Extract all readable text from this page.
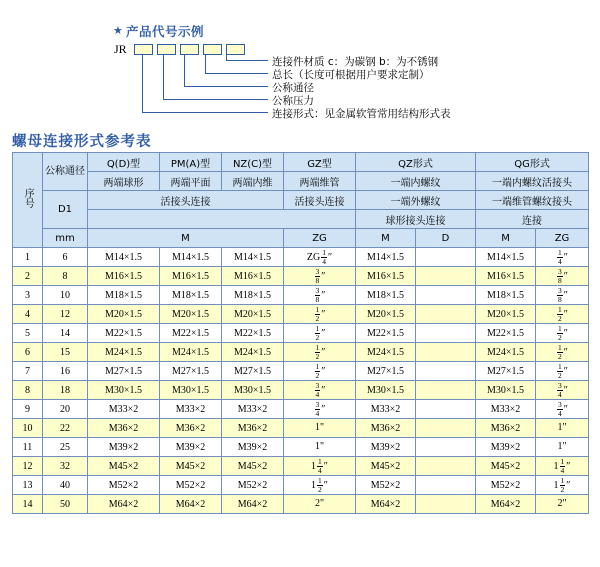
★ 产品代号示例
JR
连接件材质 c：为碳钢 b：为不锈钢
总长（长度可根据用户要求定制）
公称通径
公称压力
连接形式：见金属软管常用结构形式表
螺母连接形式参考表
序号	公称通径	Q(D)型	PM(A)型	NZ(C)型	GZ型	QZ形式		QG形式	
		两端球形	两端平面	两端内维	两端维管	一端内螺纹		一端内螺纹活接头	
	D1	活接头连接			活接头连接	一端外螺纹		一端维管螺纹接头	
						球形接头连接		连接	
	mm	M			ZG	M	D	M	ZG
1	6	M14×1.5	M14×1.5	M14×1.5	ZG $\frac{1}{4}$ ″	M14×1.5		M14×1.5	$\frac{1}{4}$ ″
2	8	M16×1.5	M16×1.5	M16×1.5	$\frac{3}{8}$ ″	M16×1.5		M16×1.5	$\frac{3}{8}$ ″
3	10	M18×1.5	M18×1.5	M18×1.5	$\frac{3}{8}$ ″	M18×1.5		M18×1.5	$\frac{3}{8}$ ″
4	12	M20×1.5	M20×1.5	M20×1.5	$\frac{1}{2}$ ″	M20×1.5		M20×1.5	$\frac{1}{2}$ ″
5	14	M22×1.5	M22×1.5	M22×1.5	$\frac{1}{2}$ ″	M22×1.5		M22×1.5	$\frac{1}{2}$ ″
6	15	M24×1.5	M24×1.5	M24×1.5	$\frac{1}{2}$ ″	M24×1.5		M24×1.5	$\frac{1}{2}$ ″
7	16	M27×1.5	M27×1.5	M27×1.5	$\frac{1}{2}$ ″	M27×1.5		M27×1.5	$\frac{1}{2}$ ″
8	18	M30×1.5	M30×1.5	M30×1.5	$\frac{3}{4}$ ″	M30×1.5		M30×1.5	$\frac{3}{4}$ ″
9	20	M33×2	M33×2	M33×2	$\frac{3}{4}$ ″	M33×2		M33×2	$\frac{3}{4}$ ″
10	22	M36×2	M36×2	M36×2	1"	M36×2		M36×2	1"
11	25	M39×2	M39×2	M39×2	1"	M39×2		M39×2	1"
12	32	M45×2	M45×2	M45×2	$1 \frac{1}{4}$ ″	M45×2		M45×2	$1 \frac{1}{4}$ ″
13	40	M52×2	M52×2	M52×2	$1 \frac{1}{2}$ ″	M52×2		M52×2	$1 \frac{1}{2}$ ″
14	50	M64×2	M64×2	M64×2	2"	M64×2		M64×2	2"
